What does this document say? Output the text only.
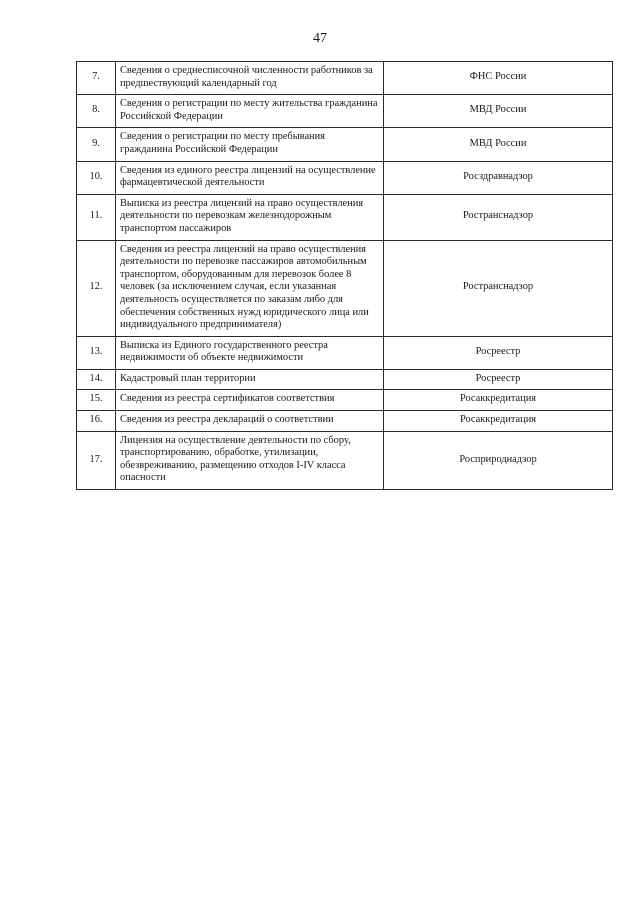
47
7.	Сведения о среднесписочной численности работников за предшествующий календарный год	ФНС России
8.	Сведения о регистрации по месту жительства гражданина Российской Федерации	МВД России
9.	Сведения о регистрации по месту пребывания гражданина Российской Федерации	МВД России
10.	Сведения из единого реестра лицензий на осуществление фармацевтической деятельности	Росздравнадзор
11.	Выписка из реестра лицензий на право осуществления деятельности по перевозкам железнодорожным транспортом пассажиров	Ространснадзор
12.	Сведения из реестра лицензий на право осуществления деятельности по перевозке пассажиров автомобильным транспортом, оборудованным для перевозок более 8 человек (за исключением случая, если указанная деятельность осуществляется по заказам либо для обеспечения собственных нужд юридического лица или индивидуального предпринимателя)	Ространснадзор
13.	Выписка из Единого государственного реестра недвижимости об объекте недвижимости	Росреестр
14.	Кадастровый план территории	Росреестр
15.	Сведения из реестра сертификатов соответствия	Росаккредитация
16.	Сведения из реестра деклараций о соответствии	Росаккредитация
17.	Лицензия на осуществление деятельности по сбору, транспортированию, обработке, утилизации, обезвреживанию, размещению отходов I-IV класса опасности	Росприроднадзор
